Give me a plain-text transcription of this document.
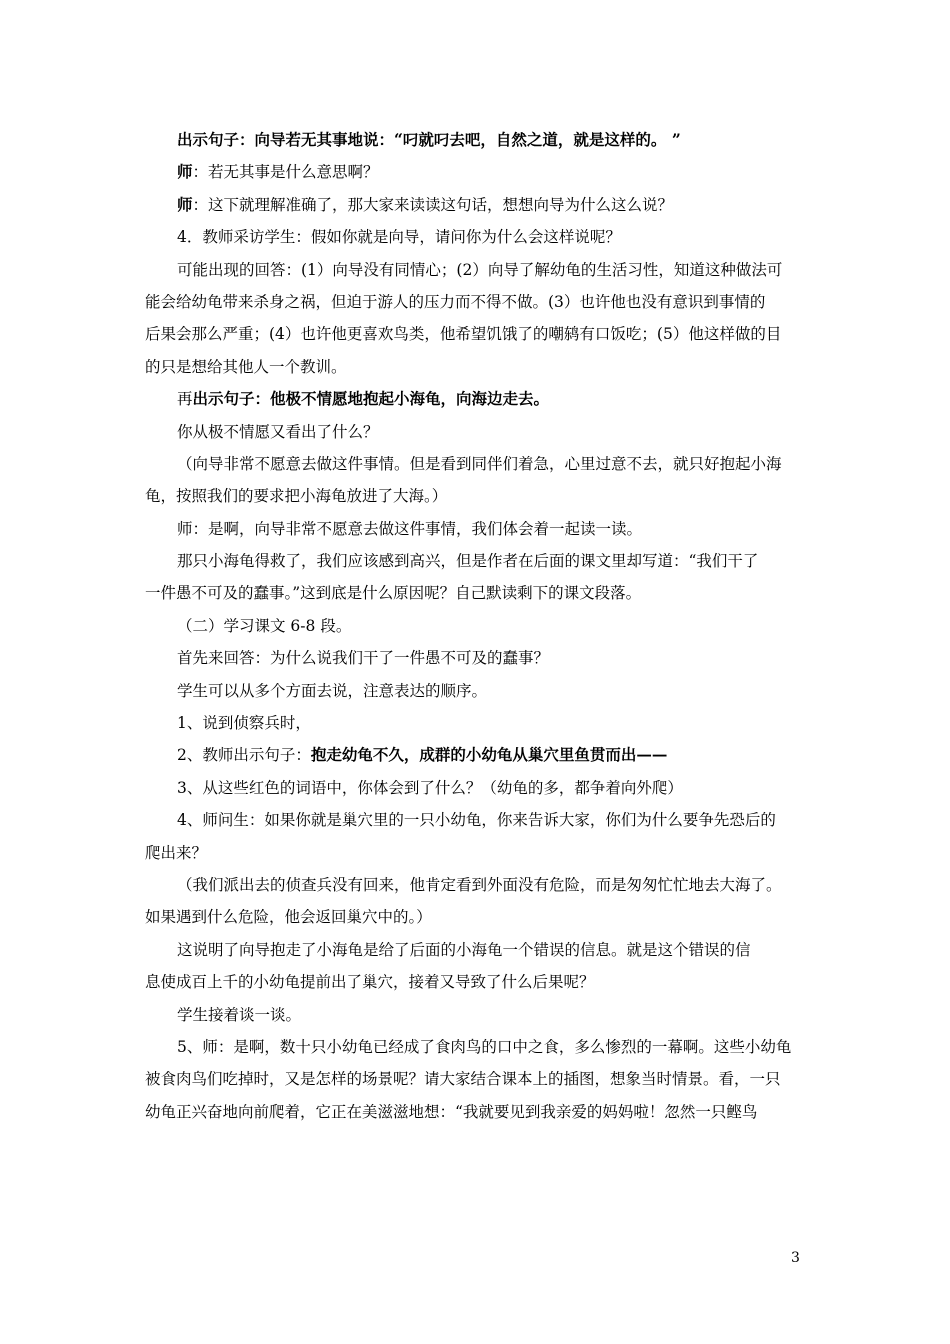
出示句子：向导若无其事地说：“叼就叼去吧，自然之道，就是这样的。 ”
师：若无其事是什么意思啊？
师：这下就理解准确了，那大家来读读这句话，想想向导为什么这么说？
4．教师采访学生：假如你就是向导，请问你为什么会这样说呢？
可能出现的回答：(1）向导没有同情心；(2）向导了解幼龟的生活习性，知道这种做法可
能会给幼龟带来杀身之祸，但迫于游人的压力而不得不做。(3）也许他也没有意识到事情的
后果会那么严重；(4）也许他更喜欢鸟类，他希望饥饿了的嘲鸫有口饭吃；(5）他这样做的目
的只是想给其他人一个教训。
再出示句子：他极不情愿地抱起小海龟，向海边走去。
你从极不情愿又看出了什么？
（向导非常不愿意去做这件事情。但是看到同伴们着急，心里过意不去，就只好抱起小海
龟，按照我们的要求把小海龟放进了大海。）
师：是啊，向导非常不愿意去做这件事情，我们体会着一起读一读。
那只小海龟得救了，我们应该感到高兴，但是作者在后面的课文里却写道：“我们干了
一件愚不可及的蠢事。”这到底是什么原因呢？自己默读剩下的课文段落。
（二）学习课文 6-8 段。
首先来回答：为什么说我们干了一件愚不可及的蠢事？
学生可以从多个方面去说，注意表达的顺序。
1、说到侦察兵时，
2、教师出示句子：抱走幼龟不久，成群的小幼龟从巢穴里鱼贯而出——
3、从这些红色的词语中，你体会到了什么？（幼龟的多，都争着向外爬）
4、师问生：如果你就是巢穴里的一只小幼龟，你来告诉大家，你们为什么要争先恐后的
爬出来？
（我们派出去的侦查兵没有回来，他肯定看到外面没有危险，而是匆匆忙忙地去大海了。
如果遇到什么危险，他会返回巢穴中的。）
这说明了向导抱走了小海龟是给了后面的小海龟一个错误的信息。就是这个错误的信
息使成百上千的小幼龟提前出了巢穴，接着又导致了什么后果呢？
学生接着谈一谈。
5、师：是啊，数十只小幼龟已经成了食肉鸟的口中之食，多么惨烈的一幕啊。这些小幼龟
被食肉鸟们吃掉时，又是怎样的场景呢？请大家结合课本上的插图，想象当时情景。看，一只
幼龟正兴奋地向前爬着，它正在美滋滋地想：“我就要见到我亲爱的妈妈啦！忽然一只鲣鸟
3
